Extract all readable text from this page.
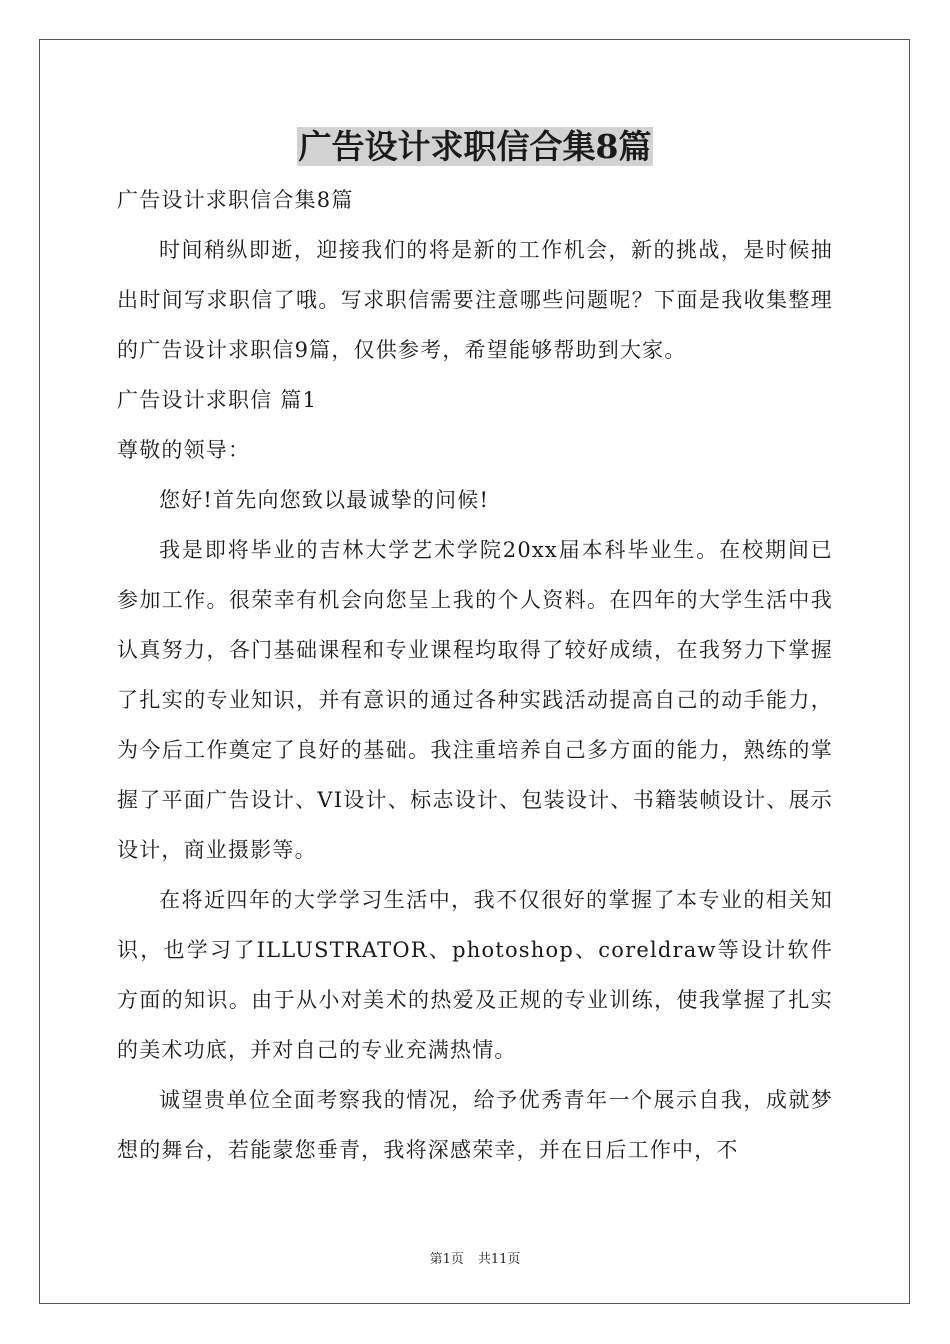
广告设计求职信合集8篇

广告设计求职信合集8篇

时间稍纵即逝，迎接我们的将是新的工作机会，新的挑战，是时候抽出时间写求职信了哦。写求职信需要注意哪些问题呢？下面是我收集整理的广告设计求职信9篇，仅供参考，希望能够帮助到大家。

广告设计求职信 篇1

尊敬的领导：

您好!首先向您致以最诚挚的问候!

我是即将毕业的吉林大学艺术学院20xx届本科毕业生。在校期间已参加工作。很荣幸有机会向您呈上我的个人资料。在四年的大学生活中我认真努力，各门基础课程和专业课程均取得了较好成绩，在我努力下掌握了扎实的专业知识，并有意识的通过各种实践活动提高自己的动手能力，为今后工作奠定了良好的基础。我注重培养自己多方面的能力，熟练的掌握了平面广告设计、VI设计、标志设计、包装设计、书籍装帧设计、展示设计，商业摄影等。

在将近四年的大学学习生活中，我不仅很好的掌握了本专业的相关知识，也学习了ILLUSTRATOR、photoshop、coreldraw等设计软件方面的知识。由于从小对美术的热爱及正规的专业训练，使我掌握了扎实的美术功底，并对自己的专业充满热情。

诚望贵单位全面考察我的情况，给予优秀青年一个展示自我，成就梦想的舞台，若能蒙您垂青，我将深感荣幸，并在日后工作中，不

第1页 共11页
